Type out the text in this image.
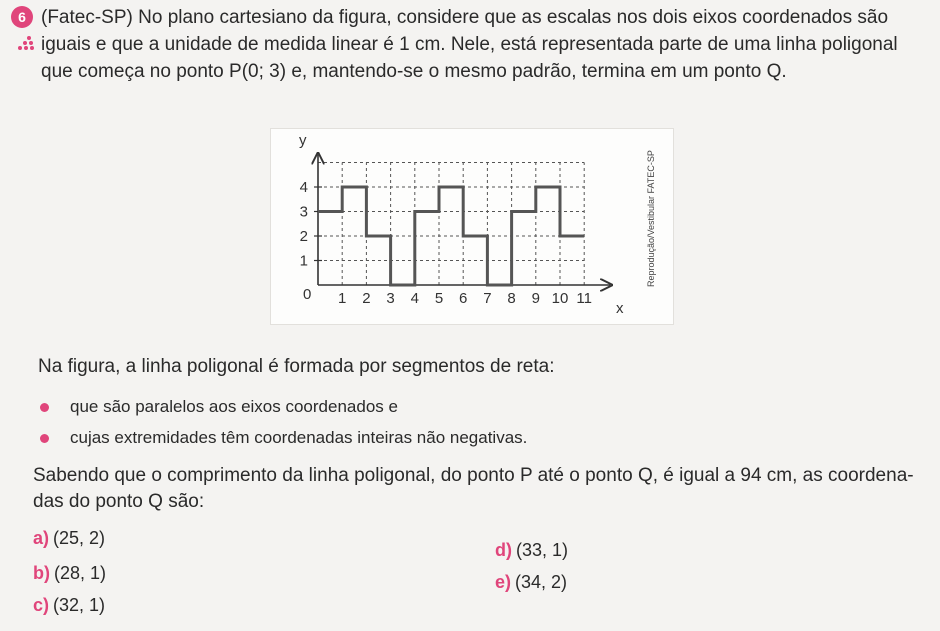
6 (Fatec-SP) No plano cartesiano da figura, considere que as escalas nos dois eixos coordenados são
iguais e que a unidade de medida linear é 1 cm. Nele, está representada parte de uma linha poligonal
que começa no ponto P(0; 3) e, mantendo-se o mesmo padrão, termina em um ponto Q.

1 2 3 4 5 6 7 8 9 10 11
1
2
3
4
0
x
y
Reprodução/Vestibular FATEC-SP

Na figura, a linha poligonal é formada por segmentos de reta:

que são paralelos aos eixos coordenados e
cujas extremidades têm coordenadas inteiras não negativas.

Sabendo que o comprimento da linha poligonal, do ponto P até o ponto Q, é igual a 94 cm, as coordena-
das do ponto Q são:

a) (25, 2)
b) (28, 1)
c) (32, 1)
d) (33, 1)
e) (34, 2)
